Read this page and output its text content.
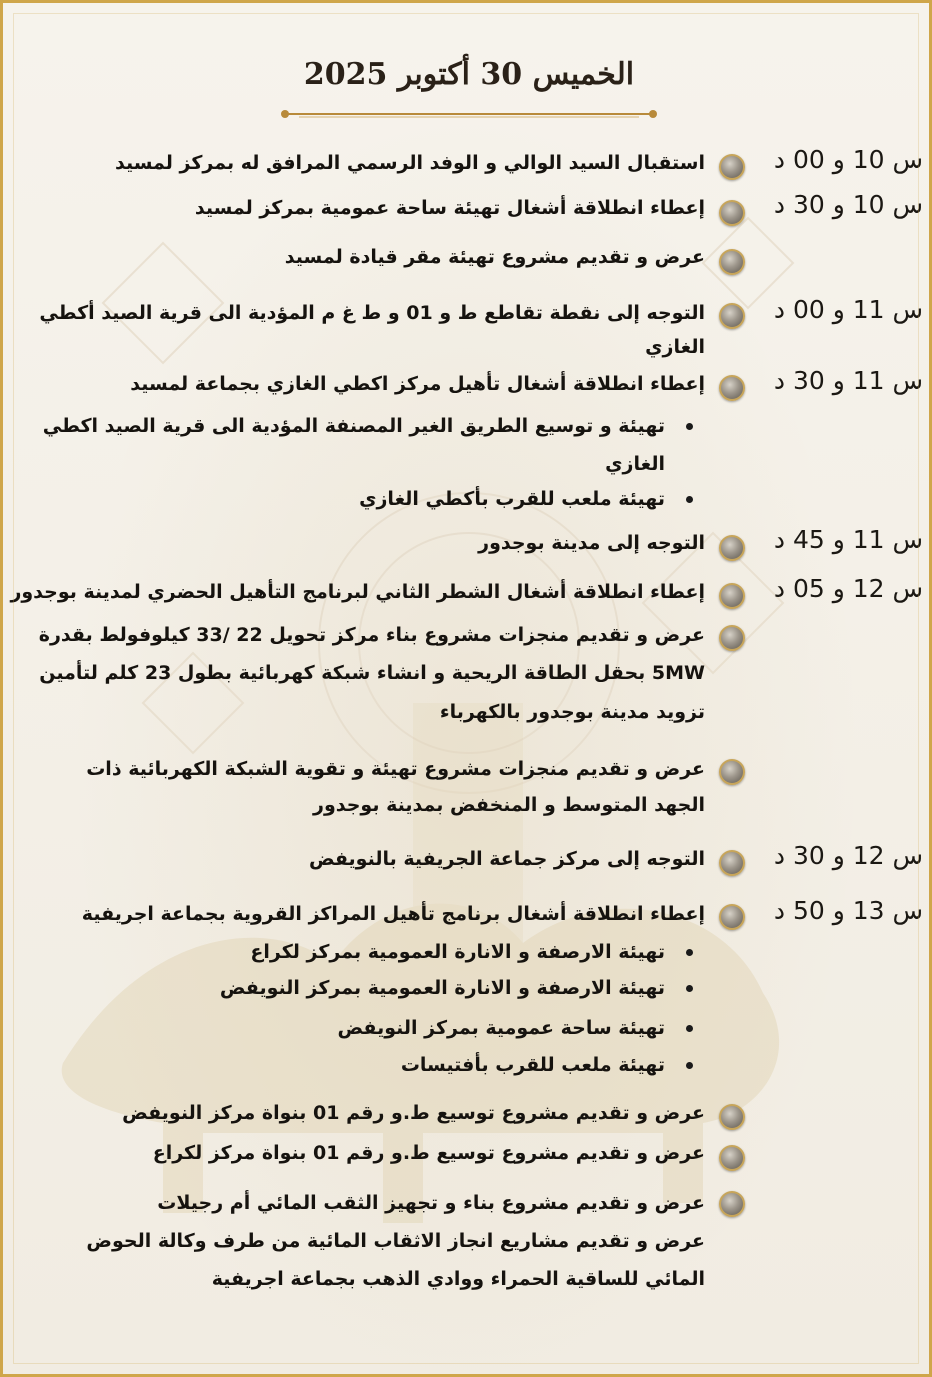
الخميس 30 أكتوبر 2025
س 10 و 00 د
استقبال السيد الوالي و الوفد الرسمي المرافق له بمركز لمسيد
س 10 و 30 د
إعطاء انطلاقة أشغال تهيئة ساحة عمومية بمركز لمسيد
عرض و تقديم مشروع تهيئة مقر قيادة لمسيد
س 11 و 00 د
التوجه إلى نقطة تقاطع ط و 01 و ط غ م المؤدية الى قرية الصيد أكطي
الغازي
س 11 و 30 د
إعطاء انطلاقة أشغال تأهيل مركز اكطي الغازي بجماعة لمسيد
تهيئة و توسيع الطريق الغير المصنفة المؤدية الى قرية الصيد اكطي
الغازي
تهيئة ملعب للقرب بأكطي الغازي
س 11 و 45 د
التوجه إلى مدينة بوجدور
س 12 و 05 د
إعطاء انطلاقة أشغال الشطر الثاني لبرنامج التأهيل الحضري لمدينة بوجدور
عرض و تقديم منجزات مشروع بناء مركز تحويل 22 /33 كيلوفولط بقدرة
5MW بحقل الطاقة الريحية و انشاء شبكة كهربائية بطول 23 كلم لتأمين
تزويد مدينة بوجدور بالكهرباء
عرض و تقديم منجزات مشروع تهيئة و تقوية الشبكة الكهربائية ذات
الجهد المتوسط و المنخفض بمدينة بوجدور
س 12 و 30 د
التوجه إلى مركز جماعة الجريفية بالنويفض
س 13 و 50 د
إعطاء انطلاقة أشغال برنامج تأهيل المراكز القروية بجماعة اجريفية
تهيئة الارصفة و الانارة العمومية بمركز لكراع
تهيئة الارصفة و الانارة العمومية بمركز النويفض
تهيئة ساحة عمومية بمركز النويفض
تهيئة ملعب للقرب بأفتيسات
عرض و تقديم مشروع توسيع ط.و رقم 01 بنواة مركز النويفض
عرض و تقديم مشروع توسيع ط.و رقم 01 بنواة مركز لكراع
عرض و تقديم مشروع بناء و تجهيز الثقب المائي أم رجيلات
عرض و تقديم مشاريع انجاز الاثقاب المائية من طرف وكالة الحوض
المائي للساقية الحمراء ووادي الذهب بجماعة اجريفية
